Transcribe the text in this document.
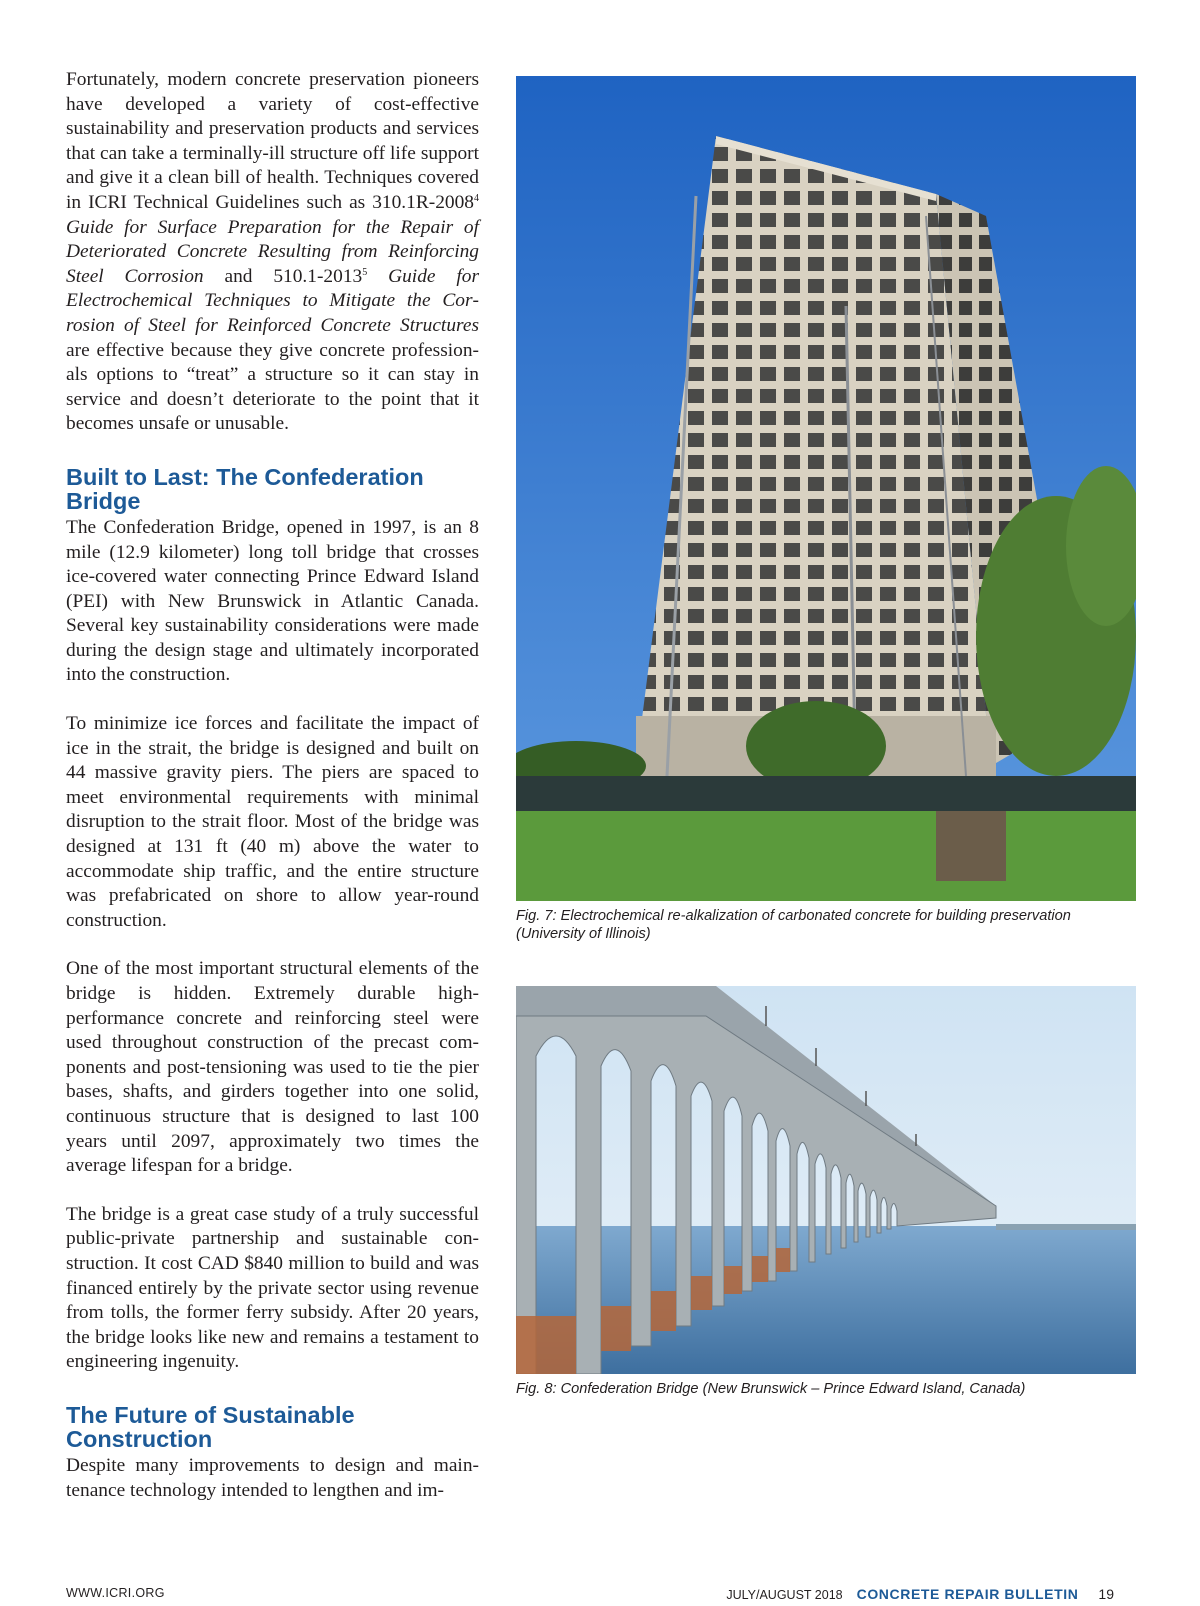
Fortunately, modern concrete preservation pioneers have developed a variety of cost-effective sustainability and preservation products and services that can take a terminally-ill structure off life support and give it a clean bill of health. Techniques covered in ICRI Technical Guidelines such as 310.1R-2008$^4$ Guide for Surface Preparation for the Repair of Deteriorated Concrete Resulting from Reinforcing Steel Corrosion and 510.1-2013$^5$ Guide for Electrochemical Techniques to Mitigate the Corrosion of Steel for Reinforced Concrete Structures are effective because they give concrete professionals options to “treat” a structure so it can stay in service and doesn’t deteriorate to the point that it becomes unsafe or unusable.

Built to Last: The Confederation Bridge

The Confederation Bridge, opened in 1997, is an 8 mile (12.9 kilometer) long toll bridge that crosses ice-covered water connecting Prince Edward Island (PEI) with New Brunswick in Atlantic Canada. Several key sustainability considerations were made during the design stage and ultimately incorporated into the construction.

To minimize ice forces and facilitate the impact of ice in the strait, the bridge is designed and built on 44 massive gravity piers. The piers are spaced to meet environmental requirements with minimal disruption to the strait floor. Most of the bridge was designed at 131 ft (40 m) above the water to accommodate ship traffic, and the entire structure was prefabricated on shore to allow year-round construction.

One of the most important structural elements of the bridge is hidden. Extremely durable high-performance concrete and reinforcing steel were used throughout construction of the precast components and post-tensioning was used to tie the pier bases, shafts, and girders together into one solid, continuous structure that is designed to last 100 years until 2097, approximately two times the average lifespan for a bridge.

The bridge is a great case study of a truly successful public-private partnership and sustainable construction. It cost CAD $840 million to build and was financed entirely by the private sector using revenue from tolls, the former ferry subsidy. After 20 years, the bridge looks like new and remains a testament to engineering ingenuity.

The Future of Sustainable Construction

Despite many improvements to design and maintenance technology intended to lengthen and im-

Fig. 7: Electrochemical re-alkalization of carbonated concrete for building preservation (University of Illinois)
Fig. 8: Confederation Bridge (New Brunswick – Prince Edward Island, Canada)
WWW.ICRI.ORG	JULY/AUGUST 2018 CONCRETE REPAIR BULLETIN 19
